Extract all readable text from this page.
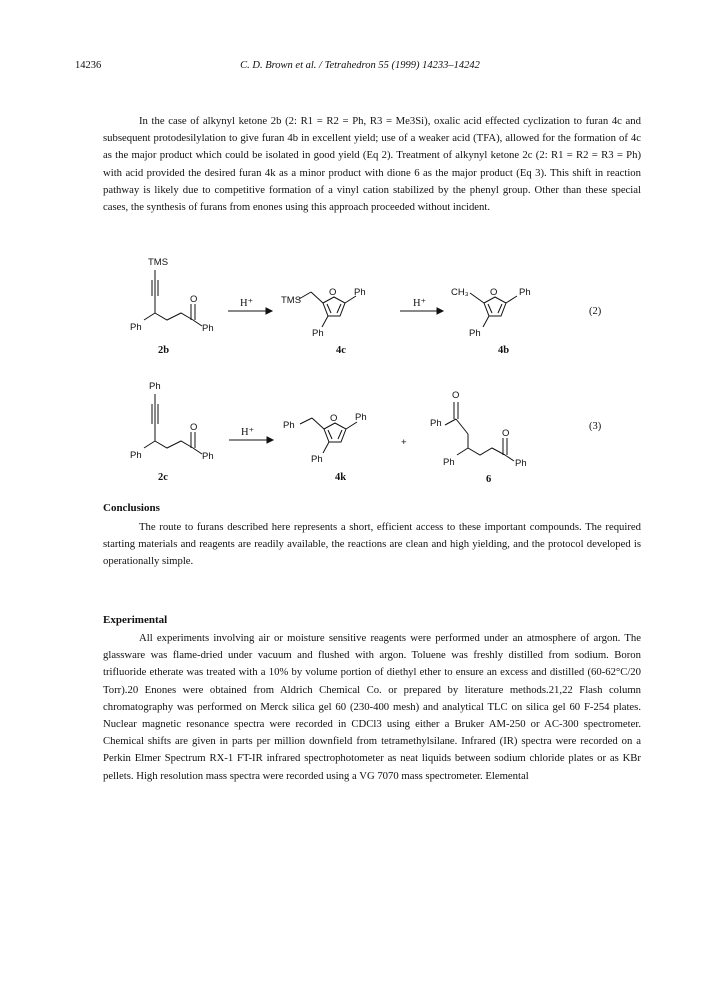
14236	C. D. Brown et al. / Tetrahedron 55 (1999) 14233–14242

In the case of alkynyl ketone 2b (2: R1 = R2 = Ph, R3 = Me3Si), oxalic acid effected cyclization to furan 4c and subsequent protodesilylation to give furan 4b in excellent yield; use of a weaker acid (TFA), allowed for the formation of 4c as the major product which could be isolated in good yield (Eq 2). Treatment of alkynyl ketone 2c (2: R1 = R2 = R3 = Ph) with acid provided the desired furan 4k as a minor product with dione 6 as the major product (Eq 3). This shift in reaction pathway is likely due to competitive formation of a vinyl cation stabilized by the phenyl group. Other than these special cases, the synthesis of furans from enones using this approach proceeded without incident.

TMS
O
Ph	Ph
2b
H⁺	TMS
O Ph
Ph
4c
H⁺
CH₃ O Ph
Ph
4b
(2)
Ph
O
Ph	Ph
2c
H⁺
Ph
O Ph
Ph
4k
+
O
Ph
O
Ph	Ph
6
(3)

Conclusions

The route to furans described here represents a short, efficient access to these important compounds. The required starting materials and reagents are readily available, the reactions are clean and high yielding, and the protocol developed is operationally simple.

Experimental

All experiments involving air or moisture sensitive reagents were performed under an atmosphere of argon. The glassware was flame-dried under vacuum and flushed with argon. Toluene was freshly distilled from sodium. Boron trifluoride etherate was treated with a 10% by volume portion of diethyl ether to ensure an excess and distilled (60-62°C/20 Torr).20 Enones were obtained from Aldrich Chemical Co. or prepared by literature methods.21,22 Flash column chromatography was performed on Merck silica gel 60 (230-400 mesh) and analytical TLC on silica gel 60 F-254 plates. Nuclear magnetic resonance spectra were recorded in CDCl3 using either a Bruker AM-250 or AC-300 spectrometer. Chemical shifts are given in parts per million downfield from tetramethylsilane. Infrared (IR) spectra were recorded on a Perkin Elmer Spectrum RX-1 FT-IR infrared spectrophotometer as neat liquids between sodium chloride plates or as KBr pellets. High resolution mass spectra were recorded using a VG 7070 mass spectrometer. Elemental
